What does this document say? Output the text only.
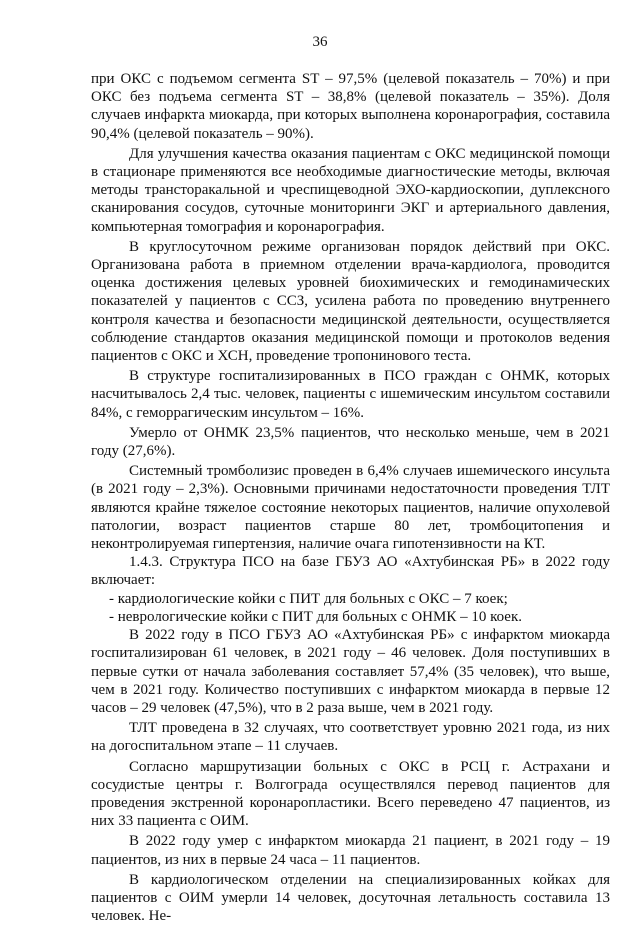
36

при ОКС с подъемом сегмента ST – 97,5% (целевой показатель – 70%) и при ОКС без подъема сегмента ST – 38,8% (целевой показатель – 35%). Доля случаев инфаркта миокарда, при которых выполнена коронарография, составила 90,4% (целевой показатель – 90%).

Для улучшения качества оказания пациентам с ОКС медицинской помощи в стационаре применяются все необходимые диагностические методы, включая методы трансторакальной и чреспищеводной ЭХО-кардиоскопии, дуплексного сканирования сосудов, суточные мониторинги ЭКГ и артериального давления, компьютерная томография и коронарография.

В круглосуточном режиме организован порядок действий при ОКС. Организована работа в приемном отделении врача-кардиолога, проводится оценка достижения целевых уровней биохимических и гемодинамических показателей у пациентов с ССЗ, усилена работа по проведению внутреннего контроля качества и безопасности медицинской деятельности, осуществляется соблюдение стандартов оказания медицинской помощи и протоколов ведения пациентов с ОКС и ХСН, проведение тропонинового теста.

В структуре госпитализированных в ПСО граждан с ОНМК, которых насчитывалось 2,4 тыс. человек, пациенты с ишемическим инсультом составили 84%, с геморрагическим инсультом – 16%.

Умерло от ОНМК 23,5% пациентов, что несколько меньше, чем в 2021 году (27,6%).

Системный тромболизис проведен в 6,4% случаев ишемического инсульта (в 2021 году – 2,3%). Основными причинами недостаточности проведения ТЛТ являются крайне тяжелое состояние некоторых пациентов, наличие опухолевой патологии, возраст пациентов старше 80 лет, тромбоцитопения и неконтролируемая гипертензия, наличие очага гипотензивности на КТ.

1.4.3. Структура ПСО на базе ГБУЗ АО «Ахтубинская РБ» в 2022 году включает:

- кардиологические койки с ПИТ для больных с ОКС – 7 коек;

- неврологические койки с ПИТ для больных с ОНМК – 10 коек.

В 2022 году в ПСО ГБУЗ АО «Ахтубинская РБ» с инфарктом миокарда госпитализирован 61 человек, в 2021 году – 46 человек. Доля поступивших в первые сутки от начала заболевания составляет 57,4% (35 человек), что выше, чем в 2021 году. Количество поступивших с инфарктом миокарда в первые 12 часов – 29 человек (47,5%), что в 2 раза выше, чем в 2021 году.

ТЛТ проведена в 32 случаях, что соответствует уровню 2021 года, из них на догоспитальном этапе – 11 случаев.

Согласно маршрутизации больных с ОКС в РСЦ г. Астрахани и сосудистые центры г. Волгограда осуществлялся перевод пациентов для проведения экстренной коронаропластики. Всего переведено 47 пациентов, из них 33 пациента с ОИМ.

В 2022 году умер с инфарктом миокарда 21 пациент, в 2021 году – 19 пациентов, из них в первые 24 часа – 11 пациентов.

В кардиологическом отделении на специализированных койках для пациентов с ОИМ умерли 14 человек, досуточная летальность составила 13 человек. Не-
